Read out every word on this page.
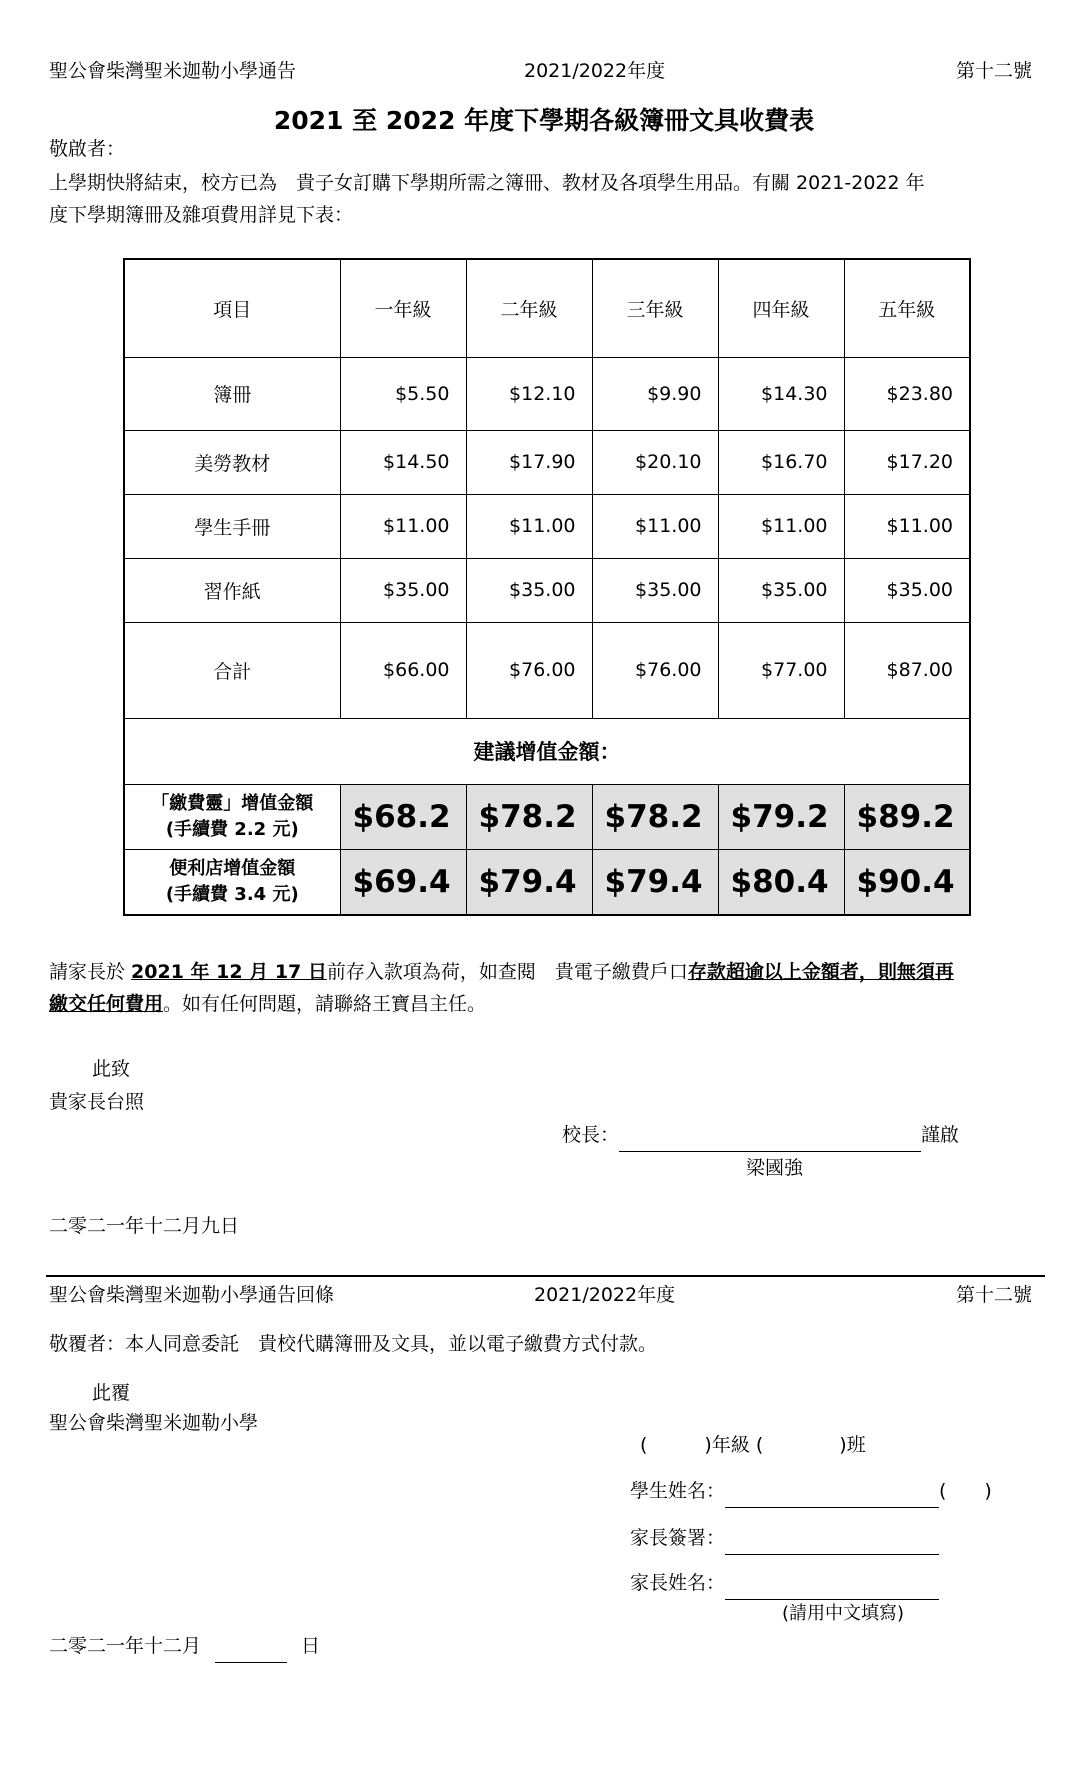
聖公會柴灣聖米迦勒小學通告	2021/2022年度	第十二號
2021 至 2022 年度下學期各級簿冊文具收費表
敬啟者：
上學期快將結束，校方已為　貴子女訂購下學期所需之簿冊、教材及各項學生用品。有關 2021-2022 年
度下學期簿冊及雜項費用詳見下表：
項目	一年級	二年級	三年級	四年級	五年級
簿冊	$5.50	$12.10	$9.90	$14.30	$23.80
美勞教材	$14.50	$17.90	$20.10	$16.70	$17.20
學生手冊	$11.00	$11.00	$11.00	$11.00	$11.00
習作紙	$35.00	$35.00	$35.00	$35.00	$35.00
合計	$66.00	$76.00	$76.00	$77.00	$87.00
建議增值金額：					

「繳費靈」增值金額
(手續費 2.2 元)	$68.2	$78.2	$78.2	$79.2	$89.2

便利店增值金額
(手續費 3.4 元)	$69.4	$79.4	$79.4	$80.4	$90.4
請家長於 2021 年 12 月 17 日前存入款項為荷，如查閱　貴電子繳費戶口存款超逾以上金額者，則無須再
繳交任何費用。如有任何問題，請聯絡王寶昌主任。
此致
貴家長台照
校長：	謹啟
梁國強
二零二一年十二月九日
聖公會柴灣聖米迦勒小學通告回條	2021/2022年度	第十二號
敬覆者：本人同意委託　貴校代購簿冊及文具，並以電子繳費方式付款。
此覆
聖公會柴灣聖米迦勒小學
(　　　)年級 (　　　　)班
學生姓名：	(　　)
家長簽署：
家長姓名：
(請用中文填寫)
二零二一年十二月	日
